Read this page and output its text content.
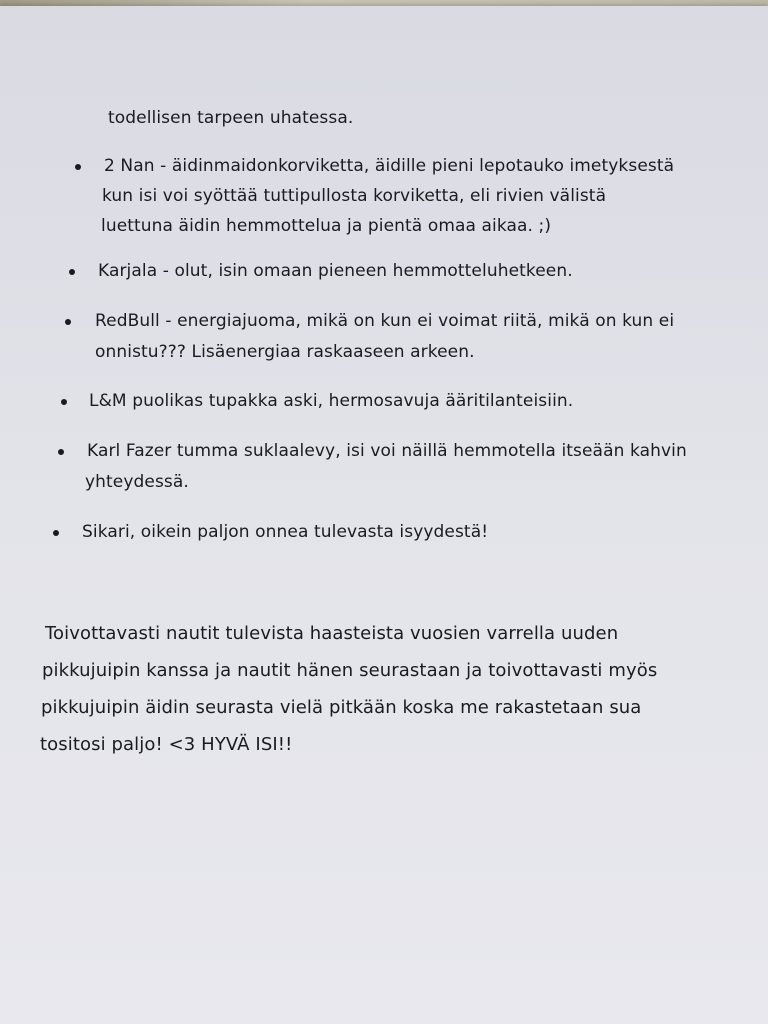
todellisen tarpeen uhatessa.
2 Nan - äidinmaidonkorviketta, äidille pieni lepotauko imetyksestä
kun isi voi syöttää tuttipullosta korviketta, eli rivien välistä
luettuna äidin hemmottelua ja pientä omaa aikaa. ;)
Karjala - olut, isin omaan pieneen hemmotteluhetkeen.
RedBull - energiajuoma, mikä on kun ei voimat riitä, mikä on kun ei
onnistu??? Lisäenergiaa raskaaseen arkeen.
L&M puolikas tupakka aski, hermosavuja ääritilanteisiin.
Karl Fazer tumma suklaalevy, isi voi näillä hemmotella itseään kahvin
yhteydessä.
Sikari, oikein paljon onnea tulevasta isyydestä!
Toivottavasti nautit tulevista haasteista vuosien varrella uuden
pikkujuipin kanssa ja nautit hänen seurastaan ja toivottavasti myös
pikkujuipin äidin seurasta vielä pitkään koska me rakastetaan sua
tositosi paljo! <3 HYVÄ ISI!!
